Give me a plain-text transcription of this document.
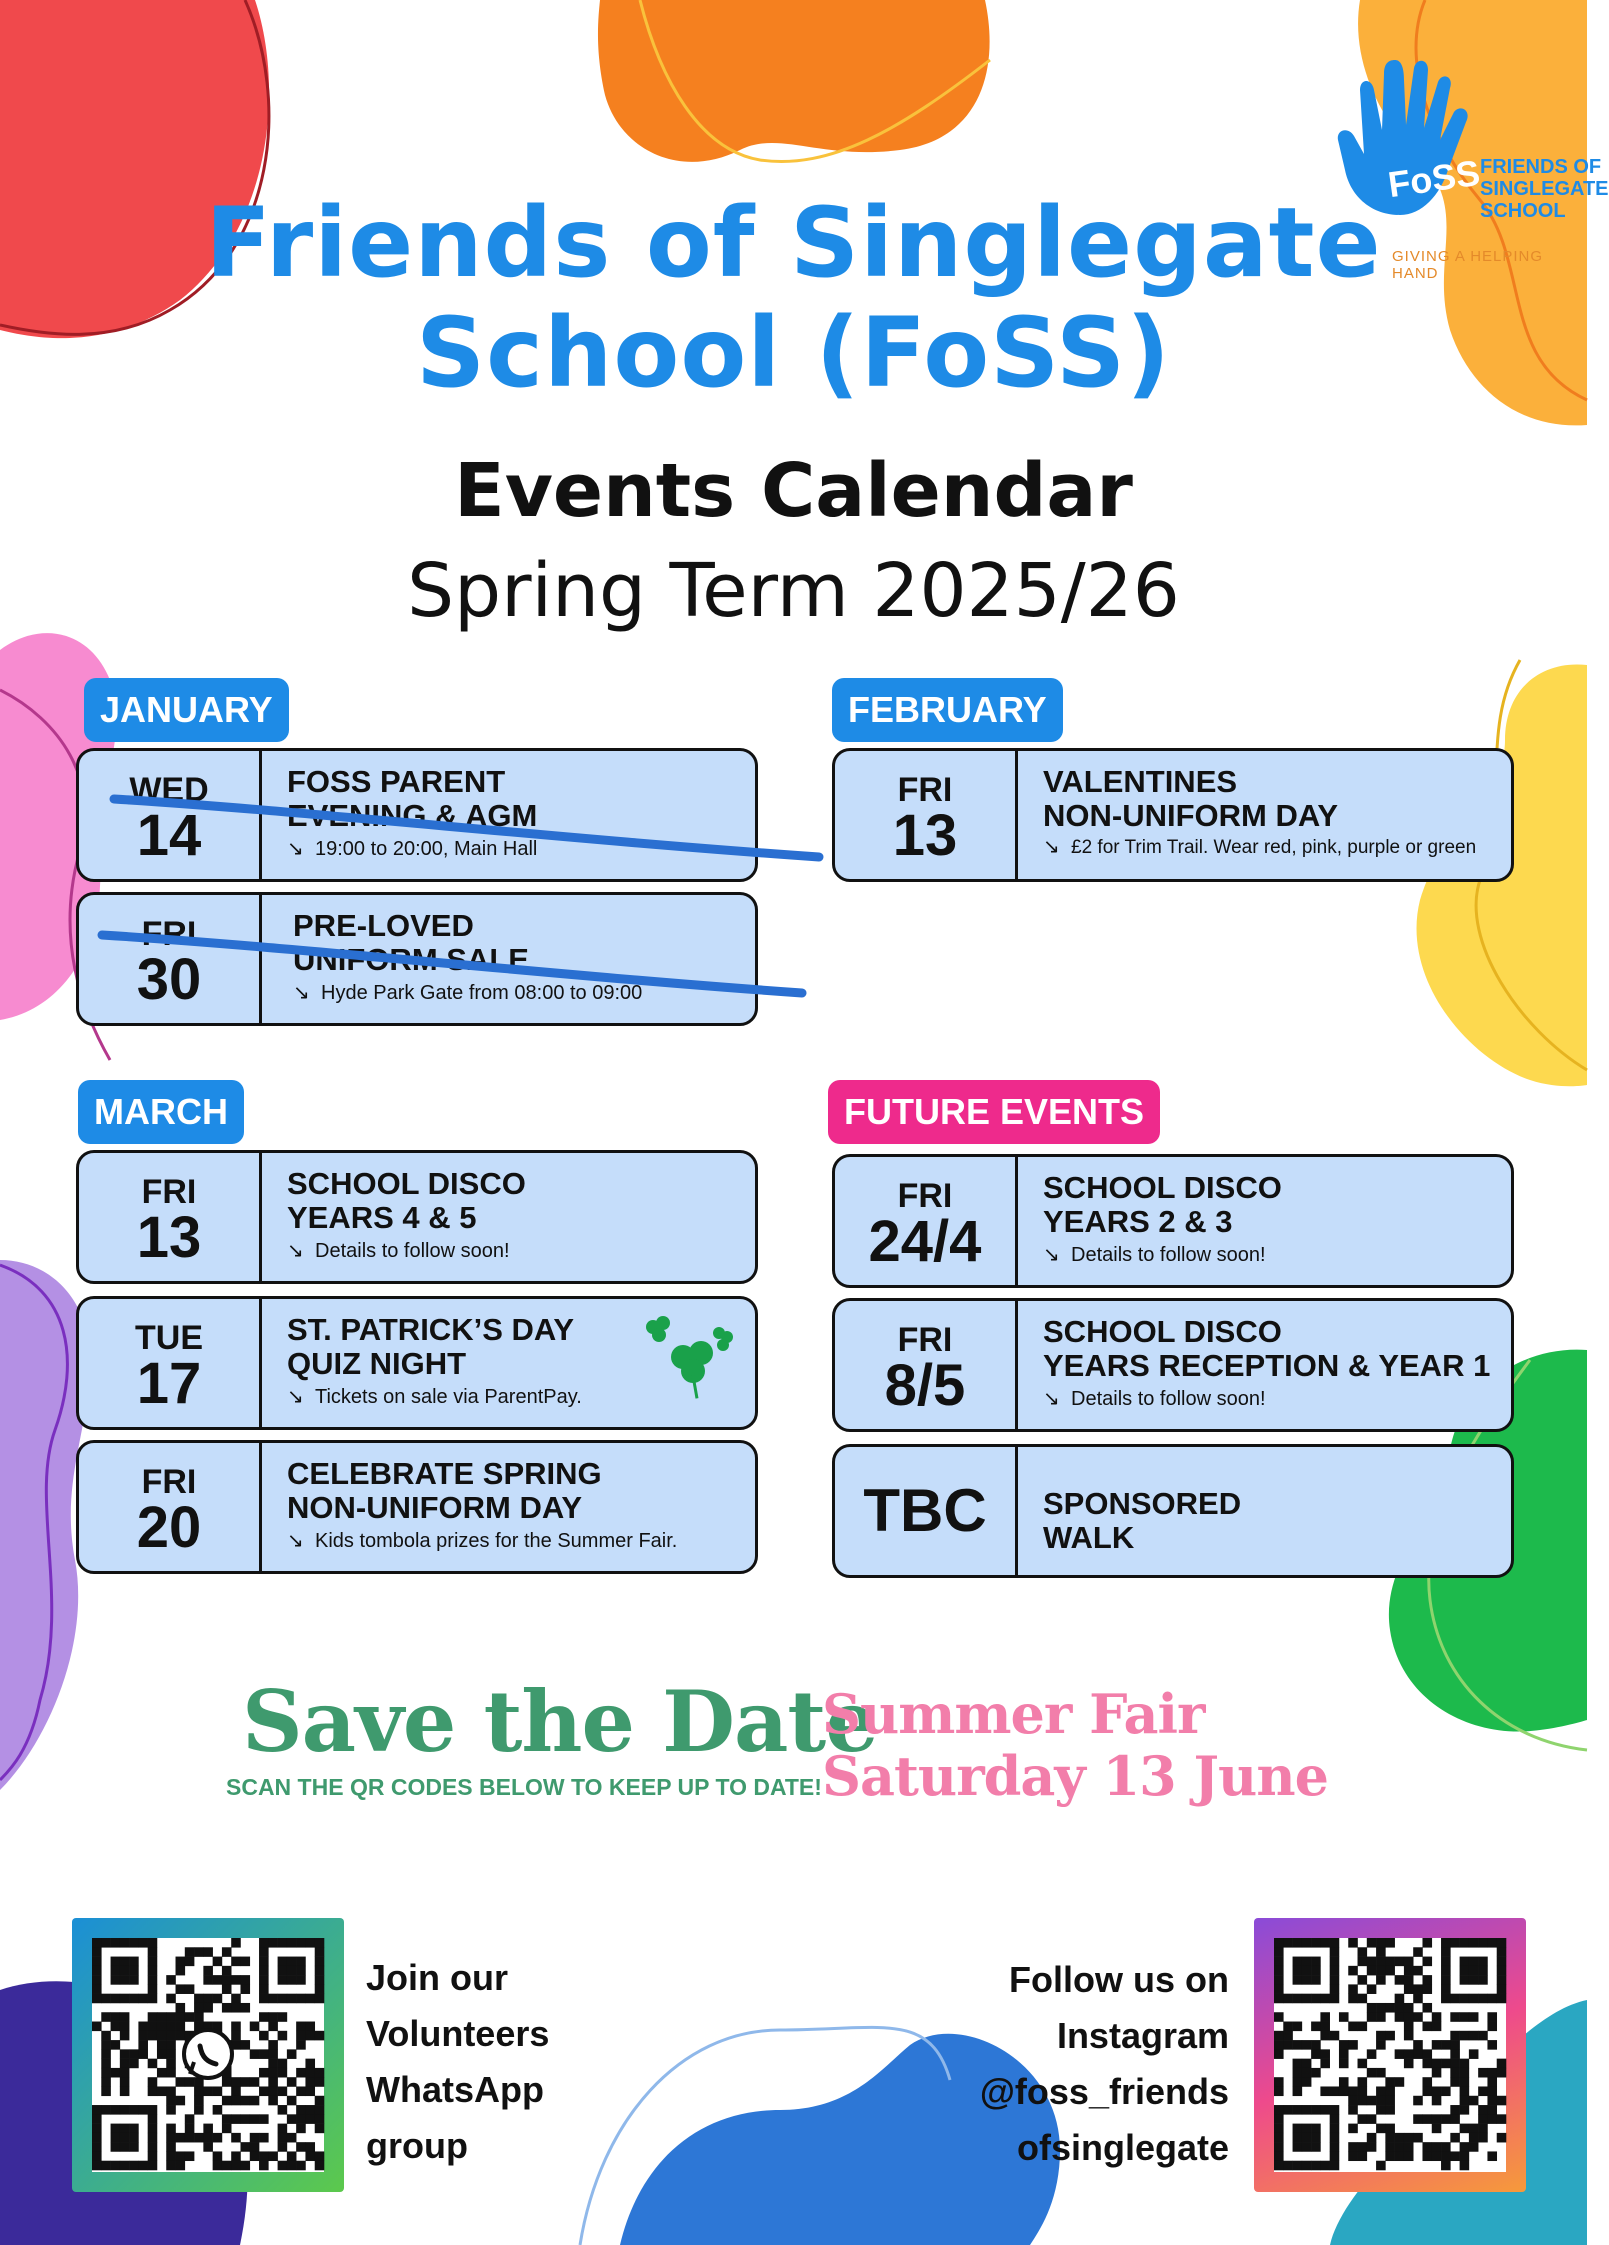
FoSS
FRIENDS OF
SINGLEGATE
SCHOOL
GIVING A HELPING HAND
Friends of Singlegate
School (FoSS)
Events Calendar
Spring Term 2025/26
JANUARY
WED
14
FOSS PARENT
EVENING & AGM
↘ 19:00 to 20:00, Main Hall
FRI
30
PRE-LOVED
UNIFORM SALE
↘ Hyde Park Gate from 08:00 to 09:00
FEBRUARY
FRI
13
VALENTINES
NON-UNIFORM DAY
↘ £2 for Trim Trail. Wear red, pink, purple or green
MARCH
FRI
13
SCHOOL DISCO
YEARS 4 & 5
↘ Details to follow soon!
TUE
17
ST. PATRICK’S DAY
QUIZ NIGHT
↘ Tickets on sale via ParentPay.
FRI
20
CELEBRATE SPRING
NON-UNIFORM DAY
↘ Kids tombola prizes for the Summer Fair.
FUTURE EVENTS
FRI
24/4
SCHOOL DISCO
YEARS 2 & 3
↘ Details to follow soon!
FRI
8/5
SCHOOL DISCO
YEARS RECEPTION & YEAR 1
↘ Details to follow soon!
TBC	SPONSORED
WALK
Save the Date
SCAN THE QR CODES BELOW TO KEEP UP TO DATE!
Summer Fair
Saturday 13 June
Join our
Volunteers
WhatsApp
group
Follow us on
Instagram
@foss_friends
ofsinglegate
